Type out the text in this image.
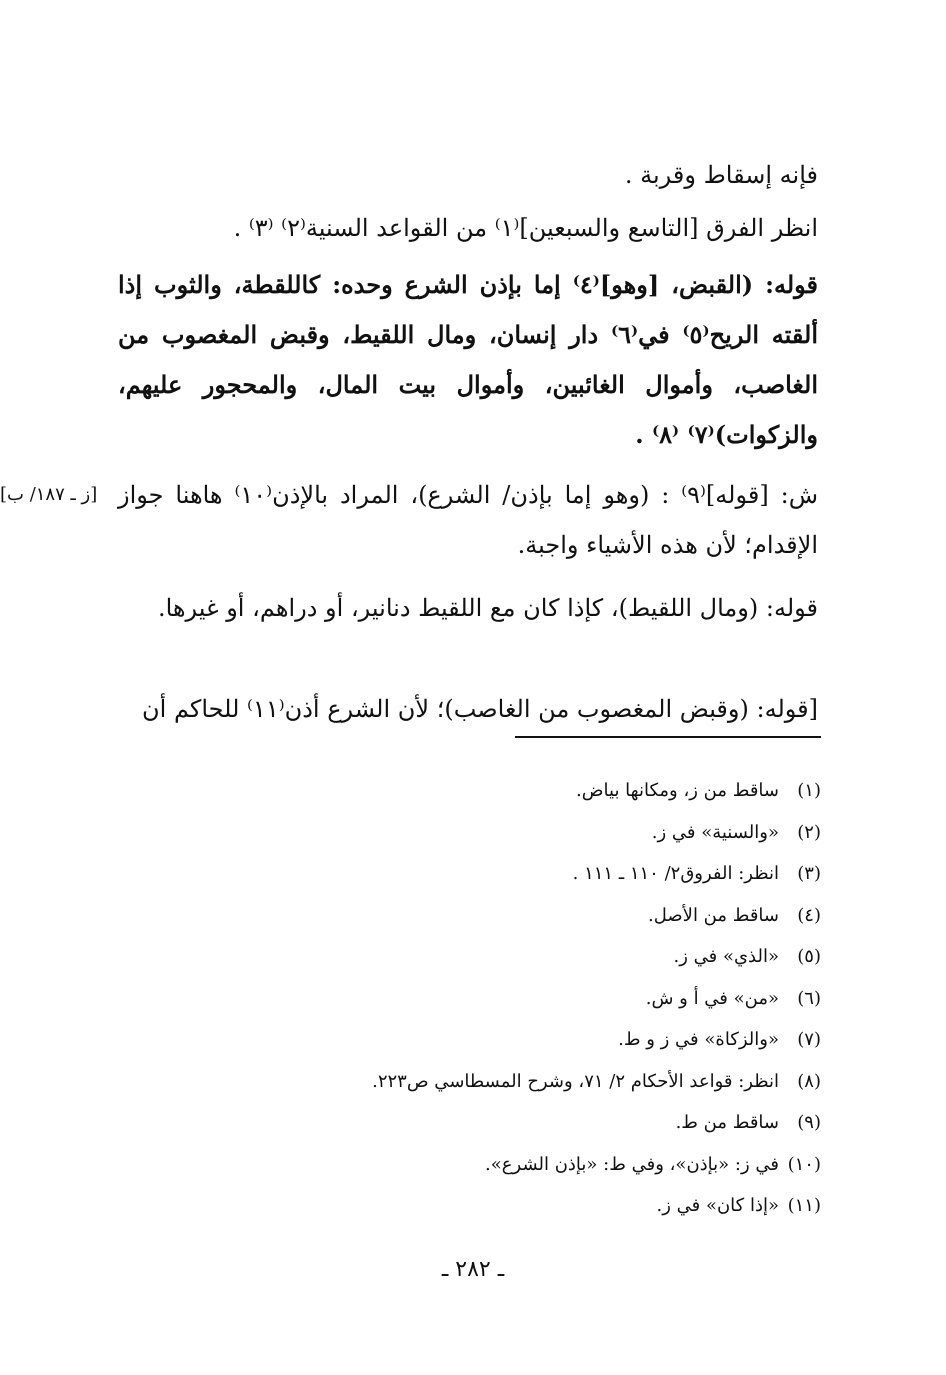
فإنه إسقاط وقربة .

انظر الفرق [التاسع والسبعين]⁽١⁾ من القواعد السنية⁽٢⁾ ⁽٣⁾ .

قوله: (القبض، [وهو]⁽٤⁾ إما بإذن الشرع وحده: كاللقطة، والثوب إذا ألقته الريح⁽٥⁾ في⁽٦⁾ دار إنسان، ومال اللقيط، وقبض المغصوب من الغاصب، وأموال الغائبين، وأموال بيت المال، والمحجور عليهم، والزكوات)⁽٧⁾ ⁽٨⁾ .

ش: [قوله]⁽٩⁾ : (وهو إما بإذن/ الشرع)، المراد بالإذن⁽١٠⁾ هاهنا جواز الإقدام؛ لأن هذه الأشياء واجبة.

[ز ـ ١٨٧/ ب]

قوله: (ومال اللقيط)، كإذا كان مع اللقيط دنانير، أو دراهم، أو غيرها.

[قوله: (وقبض المغصوب من الغاصب)؛ لأن الشرع أذن⁽١١⁾ للحاكم أن

(١)ساقط من ز، ومكانها بياض.
(٢)«والسنية» في ز.
(٣)انظر: الفروق٢/ ١١٠ ـ ١١١ .
(٤)ساقط من الأصل.
(٥)«الذي» في ز.
(٦)«من» في أ و ش.
(٧)«والزكاة» في ز و ط.
(٨)انظر: قواعد الأحكام ٢/ ٧١، وشرح المسطاسي ص٢٢٣.
(٩)ساقط من ط.
(١٠)في ز: «بإذن»، وفي ط: «بإذن الشرع».
(١١)«إذا كان» في ز.
ـ ٢٨٢ ـ
